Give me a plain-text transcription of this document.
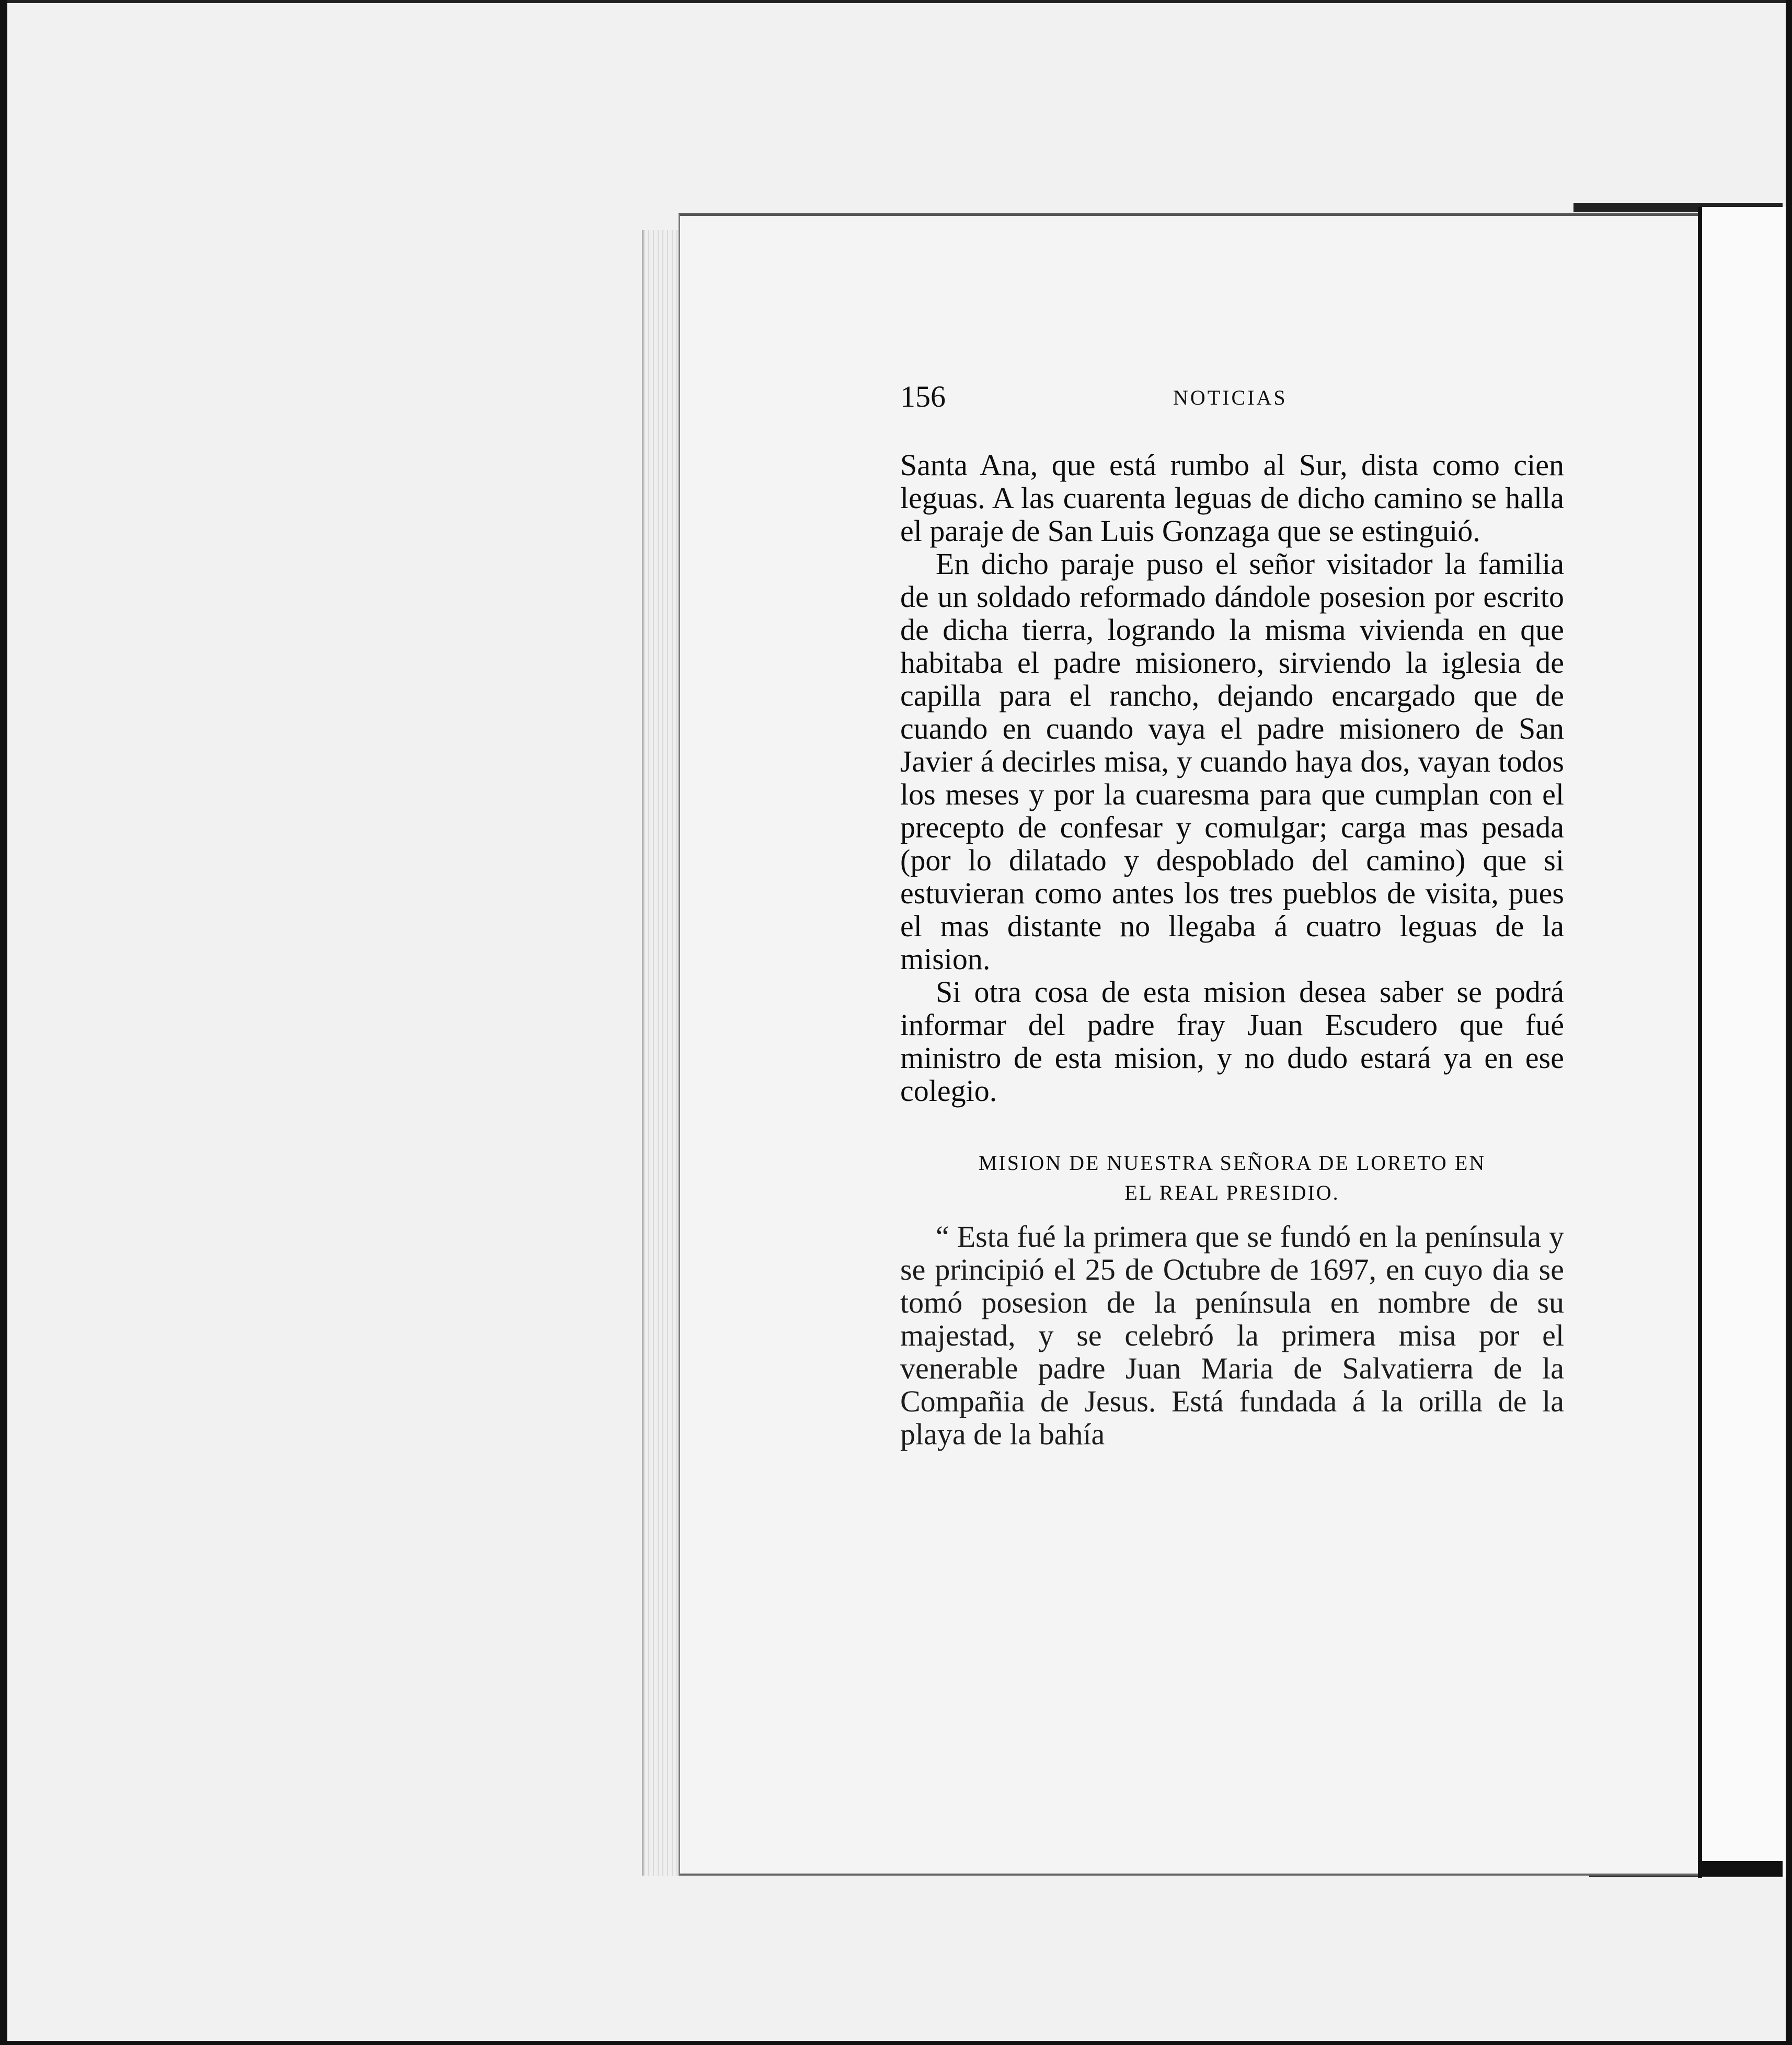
156	NOTICIAS

Santa Ana, que está rumbo al Sur, dista como cien leguas. A las cuarenta leguas de dicho camino se halla el paraje de San Luis Gonzaga que se estinguió.

En dicho paraje puso el señor visitador la familia de un soldado reformado dándole posesion por escrito de dicha tierra, logrando la misma vivienda en que habitaba el padre misionero, sirviendo la iglesia de capilla para el rancho, dejando encargado que de cuando en cuando vaya el padre misionero de San Javier á decirles misa, y cuando haya dos, vayan todos los meses y por la cuaresma para que cumplan con el precepto de confesar y comulgar; carga mas pesada (por lo dilatado y despoblado del camino) que si estuvieran como antes los tres pueblos de visita, pues el mas distante no llegaba á cuatro leguas de la mision.

Si otra cosa de esta mision desea saber se podrá informar del padre fray Juan Escudero que fué ministro de esta mision, y no dudo estará ya en ese colegio.

MISION DE NUESTRA SEÑORA DE LORETO EN
EL REAL PRESIDIO.

“ Esta fué la primera que se fundó en la península y se principió el 25 de Octubre de 1697, en cuyo dia se tomó posesion de la península en nombre de su majestad, y se celebró la primera misa por el venerable padre Juan Maria de Salvatierra de la Compañia de Jesus. Está fundada á la orilla de la playa de la bahía
